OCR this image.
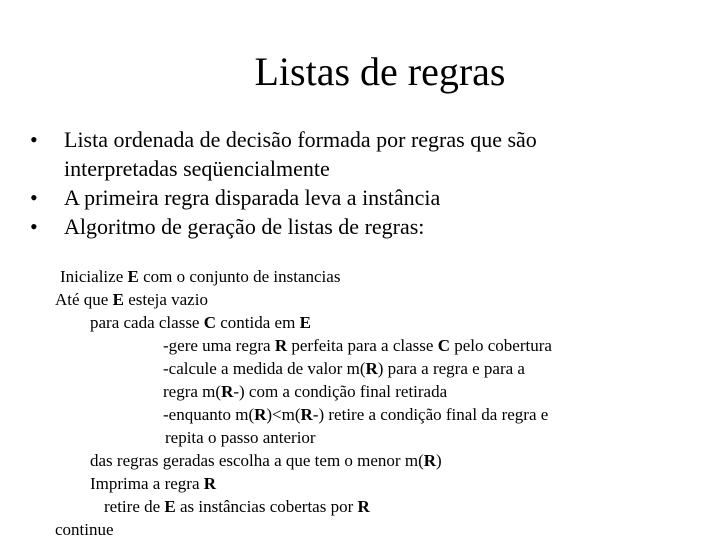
Listas de regras
• Lista ordenada de decisão formada por regras que são
interpretadas seqüencialmente
• A primeira regra disparada leva a instância
• Algoritmo de geração de listas de regras:
Inicialize E com o conjunto de instancias
Até que E esteja vazio
para cada classe C contida em E
-gere uma regra R perfeita para a classe C pelo cobertura
-calcule a medida de valor m(R) para a regra e para a
regra m(R-) com a condição final retirada
-enquanto m(R)<m(R-) retire a condição final da regra e
repita o passo anterior
das regras geradas escolha a que tem o menor m(R)
Imprima a regra R
retire de E as instâncias cobertas por R
continue
